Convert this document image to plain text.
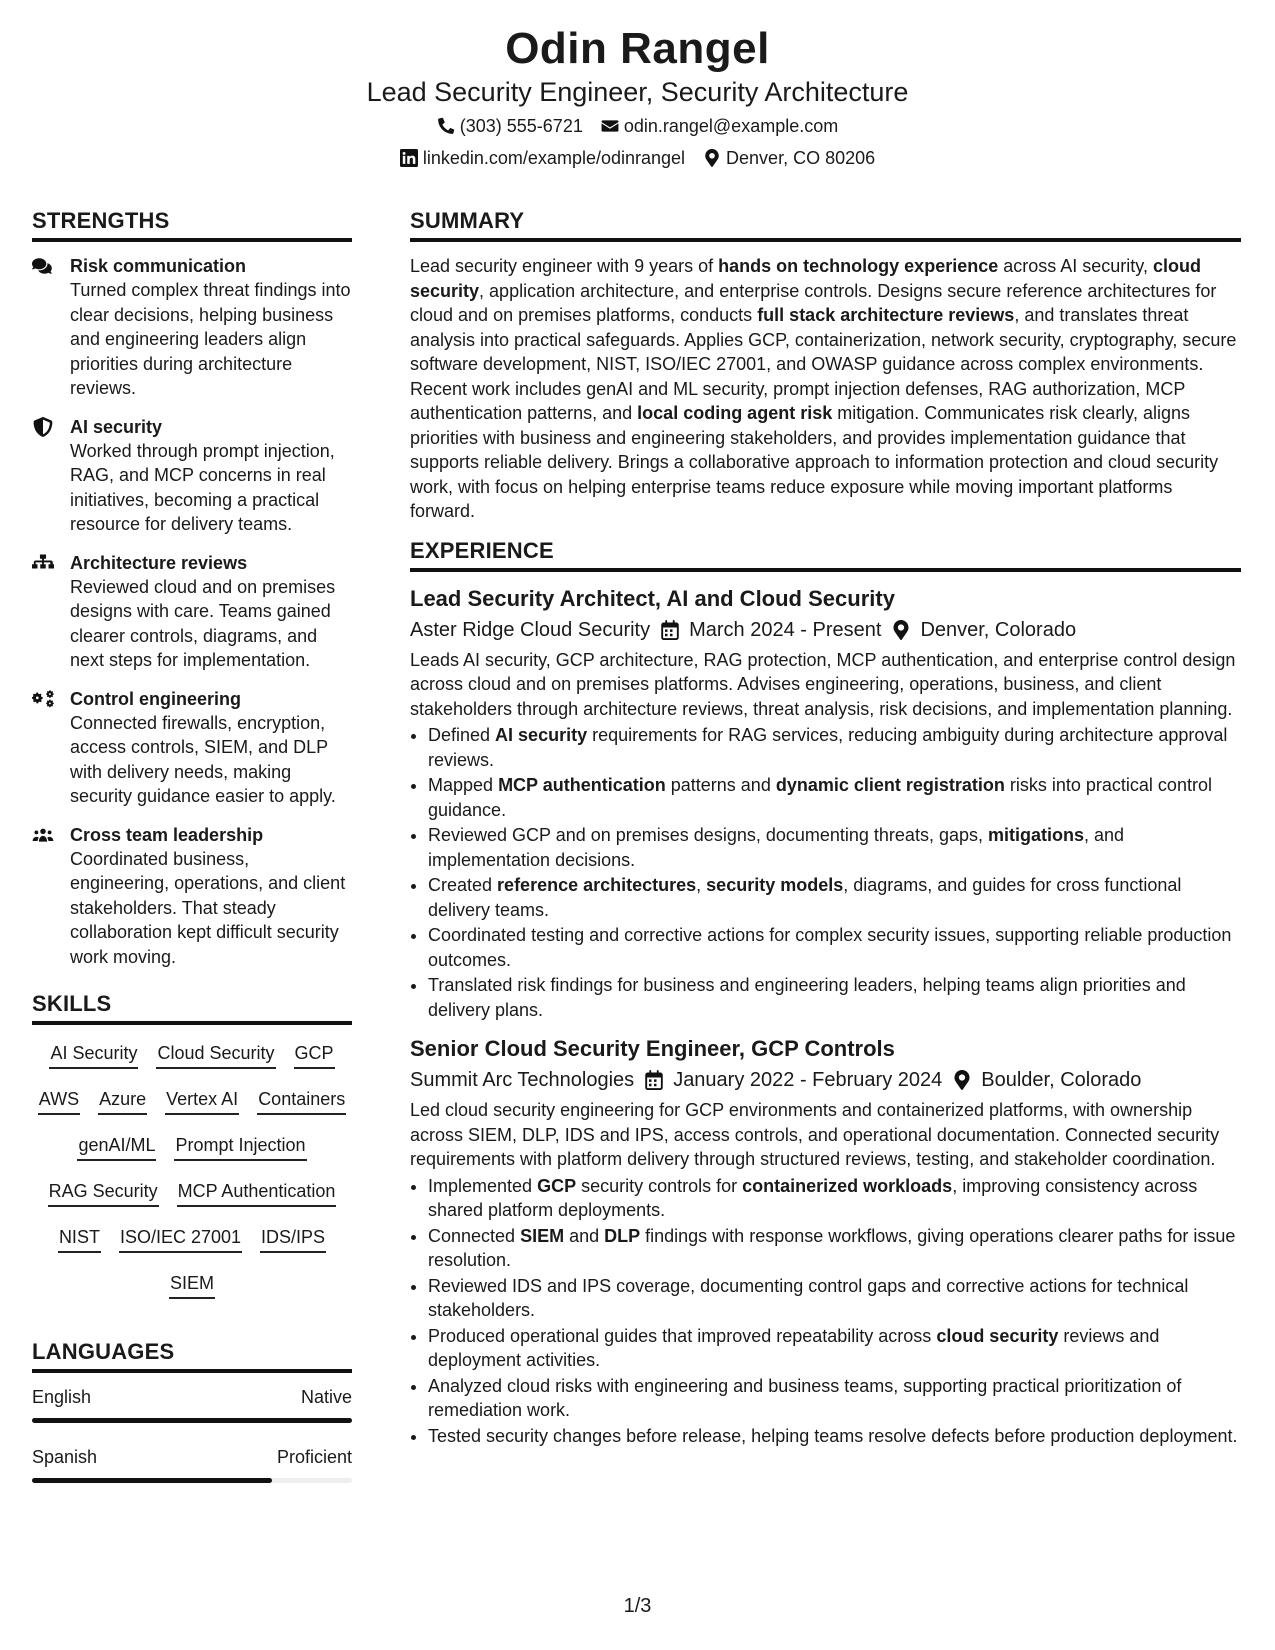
Odin Rangel
Lead Security Engineer, Security Architecture
(303) 555-6721 odin.rangel@example.com
linkedin.com/example/odinrangel Denver, CO 80206
STRENGTHS
Risk communication
Turned complex threat findings into clear decisions, helping business and engineering leaders align priorities during architecture reviews.
AI security
Worked through prompt injection, RAG, and MCP concerns in real initiatives, becoming a practical resource for delivery teams.
Architecture reviews
Reviewed cloud and on premises designs with care. Teams gained clearer controls, diagrams, and next steps for implementation.
Control engineering
Connected firewalls, encryption, access controls, SIEM, and DLP with delivery needs, making security guidance easier to apply.
Cross team leadership
Coordinated business, engineering, operations, and client stakeholders. That steady collaboration kept difficult security work moving.
SKILLS
AI Security Cloud Security GCP
AWS Azure Vertex AI Containers
genAI/ML Prompt Injection
RAG Security MCP Authentication
NIST ISO/IEC 27001 IDS/IPS
SIEM
LANGUAGES
English	Native
Spanish	Proficient
SUMMARY
Lead security engineer with 9 years of hands on technology experience across AI security, cloud security, application architecture, and enterprise controls. Designs secure reference architectures for cloud and on premises platforms, conducts full stack architecture reviews, and translates threat analysis into practical safeguards. Applies GCP, containerization, network security, cryptography, secure software development, NIST, ISO/IEC 27001, and OWASP guidance across complex environments. Recent work includes genAI and ML security, prompt injection defenses, RAG authorization, MCP authentication patterns, and local coding agent risk mitigation. Communicates risk clearly, aligns priorities with business and engineering stakeholders, and provides implementation guidance that supports reliable delivery. Brings a collaborative approach to information protection and cloud security work, with focus on helping enterprise teams reduce exposure while moving important platforms forward.
EXPERIENCE
Lead Security Architect, AI and Cloud Security
Aster Ridge Cloud Security March 2024 - Present Denver, Colorado
Leads AI security, GCP architecture, RAG protection, MCP authentication, and enterprise control design across cloud and on premises platforms. Advises engineering, operations, business, and client stakeholders through architecture reviews, threat analysis, risk decisions, and implementation planning.
• Defined AI security requirements for RAG services, reducing ambiguity during architecture approval reviews.
• Mapped MCP authentication patterns and dynamic client registration risks into practical control guidance.
• Reviewed GCP and on premises designs, documenting threats, gaps, mitigations, and implementation decisions.
• Created reference architectures, security models, diagrams, and guides for cross functional delivery teams.
• Coordinated testing and corrective actions for complex security issues, supporting reliable production outcomes.
• Translated risk findings for business and engineering leaders, helping teams align priorities and delivery plans.
Senior Cloud Security Engineer, GCP Controls
Summit Arc Technologies January 2022 - February 2024 Boulder, Colorado
Led cloud security engineering for GCP environments and containerized platforms, with ownership across SIEM, DLP, IDS and IPS, access controls, and operational documentation. Connected security requirements with platform delivery through structured reviews, testing, and stakeholder coordination.
• Implemented GCP security controls for containerized workloads, improving consistency across shared platform deployments.
• Connected SIEM and DLP findings with response workflows, giving operations clearer paths for issue resolution.
• Reviewed IDS and IPS coverage, documenting control gaps and corrective actions for technical stakeholders.
• Produced operational guides that improved repeatability across cloud security reviews and deployment activities.
• Analyzed cloud risks with engineering and business teams, supporting practical prioritization of remediation work.
• Tested security changes before release, helping teams resolve defects before production deployment.
1/3
